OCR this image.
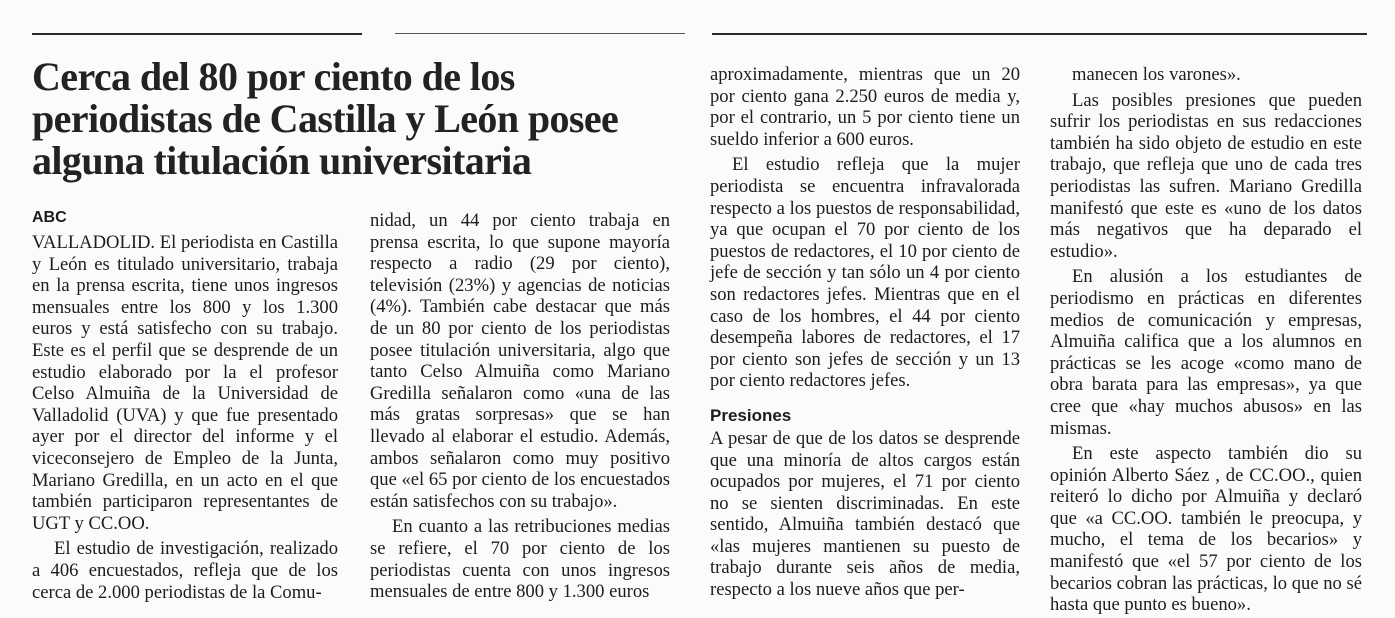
Cerca del 80 por ciento de los periodistas de Castilla y León posee alguna titulación universitaria
ABC

VALLADOLID. El periodista en Castilla y León es titulado universitario, trabaja en la prensa escrita, tiene unos ingresos mensuales entre los 800 y los 1.300 euros y está satisfecho con su trabajo. Este es el perfil que se desprende de un estudio elaborado por la el profesor Celso Almuiña de la Universidad de Valladolid (UVA) y que fue presentado ayer por el director del informe y el viceconsejero de Empleo de la Junta, Mariano Gredilla, en un acto en el que también participaron representantes de UGT y CC.OO.

El estudio de investigación, realizado a 406 encuestados, refleja que de los cerca de 2.000 periodistas de la Comu-

nidad, un 44 por ciento trabaja en prensa escrita, lo que supone mayoría respecto a radio (29 por ciento), televisión (23%) y agencias de noticias (4%). También cabe destacar que más de un 80 por ciento de los periodistas posee titulación universitaria, algo que tanto Celso Almuiña como Mariano Gredilla señalaron como «una de las más gratas sorpresas» que se han llevado al elaborar el estudio. Además, ambos señalaron como muy positivo que «el 65 por ciento de los encuestados están satisfechos con su trabajo».

En cuanto a las retribuciones medias se refiere, el 70 por ciento de los periodistas cuenta con unos ingresos mensuales de entre 800 y 1.300 euros

aproximadamente, mientras que un 20 por ciento gana 2.250 euros de media y, por el contrario, un 5 por ciento tiene un sueldo inferior a 600 euros.

El estudio refleja que la mujer periodista se encuentra infravalorada respecto a los puestos de responsabilidad, ya que ocupan el 70 por ciento de los puestos de redactores, el 10 por ciento de jefe de sección y tan sólo un 4 por ciento son redactores jefes. Mientras que en el caso de los hombres, el 44 por ciento desempeña labores de redactores, el 17 por ciento son jefes de sección y un 13 por ciento redactores jefes.

Presiones

A pesar de que de los datos se desprende que una minoría de altos cargos están ocupados por mujeres, el 71 por ciento no se sienten discriminadas. En este sentido, Almuiña también destacó que «las mujeres mantienen su puesto de trabajo durante seis años de media, respecto a los nueve años que per-

manecen los varones».

Las posibles presiones que pueden sufrir los periodistas en sus redacciones también ha sido objeto de estudio en este trabajo, que refleja que uno de cada tres periodistas las sufren. Mariano Gredilla manifestó que este es «uno de los datos más negativos que ha deparado el estudio».

En alusión a los estudiantes de periodismo en prácticas en diferentes medios de comunicación y empresas, Almuiña califica que a los alumnos en prácticas se les acoge «como mano de obra barata para las empresas», ya que cree que «hay muchos abusos» en las mismas.

En este aspecto también dio su opinión Alberto Sáez , de CC.OO., quien reiteró lo dicho por Almuiña y declaró que «a CC.OO. también le preocupa, y mucho, el tema de los becarios» y manifestó que «el 57 por ciento de los becarios cobran las prácticas, lo que no sé hasta que punto es bueno».
